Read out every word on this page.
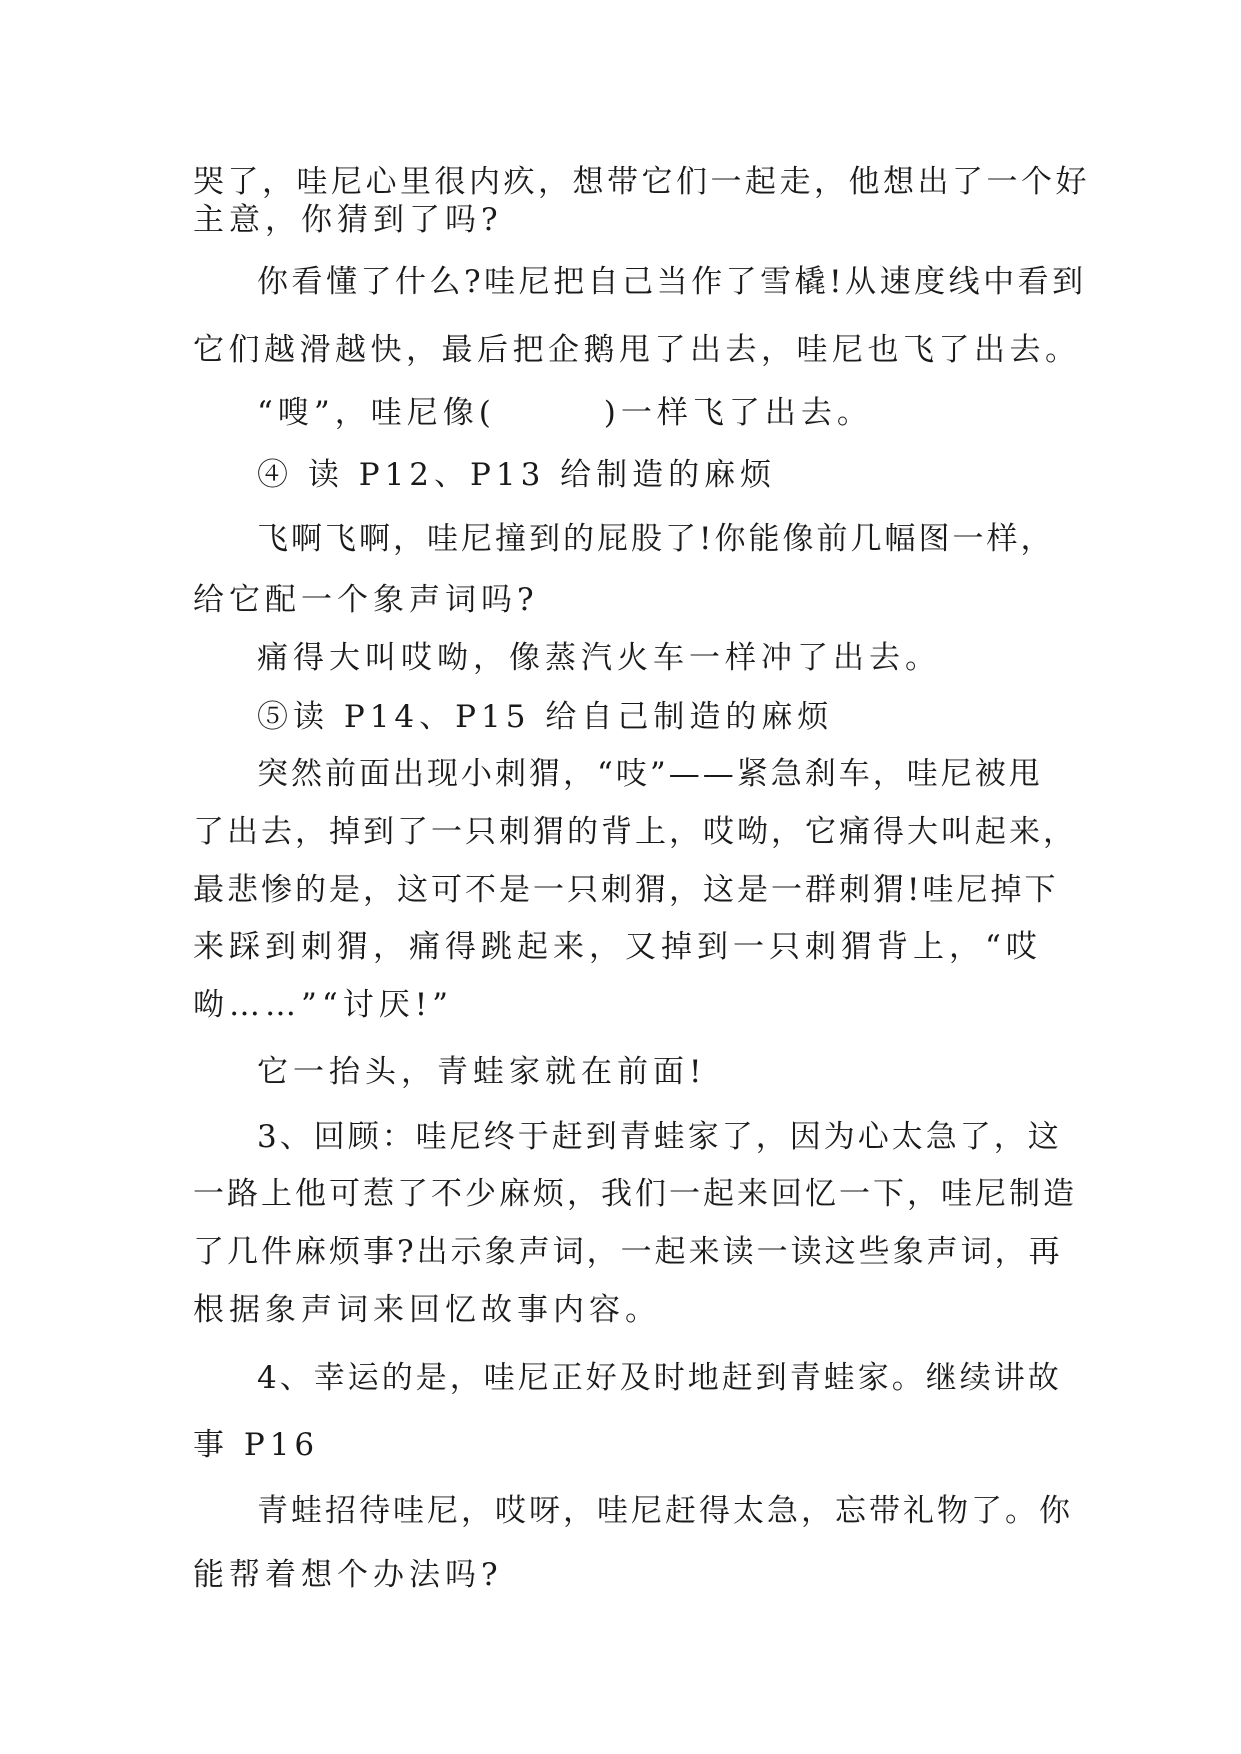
哭了，哇尼心里很内疚，想带它们一起走，他想出了一个好
主意，你猜到了吗?
你看懂了什么?哇尼把自己当作了雪橇!从速度线中看到
它们越滑越快，最后把企鹅甩了出去，哇尼也飞了出去。
“嗖”，哇尼像(　　　)一样飞了出去。
④ 读 P12、P13 给制造的麻烦
飞啊飞啊，哇尼撞到的屁股了!你能像前几幅图一样，
给它配一个象声词吗?
痛得大叫哎呦，像蒸汽火车一样冲了出去。
⑤读 P14、P15 给自己制造的麻烦
突然前面出现小刺猬，“吱”——紧急刹车，哇尼被甩
了出去，掉到了一只刺猬的背上，哎呦，它痛得大叫起来，
最悲惨的是，这可不是一只刺猬，这是一群刺猬!哇尼掉下
来踩到刺猬，痛得跳起来，又掉到一只刺猬背上，“哎
呦……”“讨厌!”
它一抬头，青蛙家就在前面!
3、回顾：哇尼终于赶到青蛙家了，因为心太急了，这
一路上他可惹了不少麻烦，我们一起来回忆一下，哇尼制造
了几件麻烦事?出示象声词，一起来读一读这些象声词，再
根据象声词来回忆故事内容。
4、幸运的是，哇尼正好及时地赶到青蛙家。继续讲故
事 P16
青蛙招待哇尼，哎呀，哇尼赶得太急，忘带礼物了。你
能帮着想个办法吗?
